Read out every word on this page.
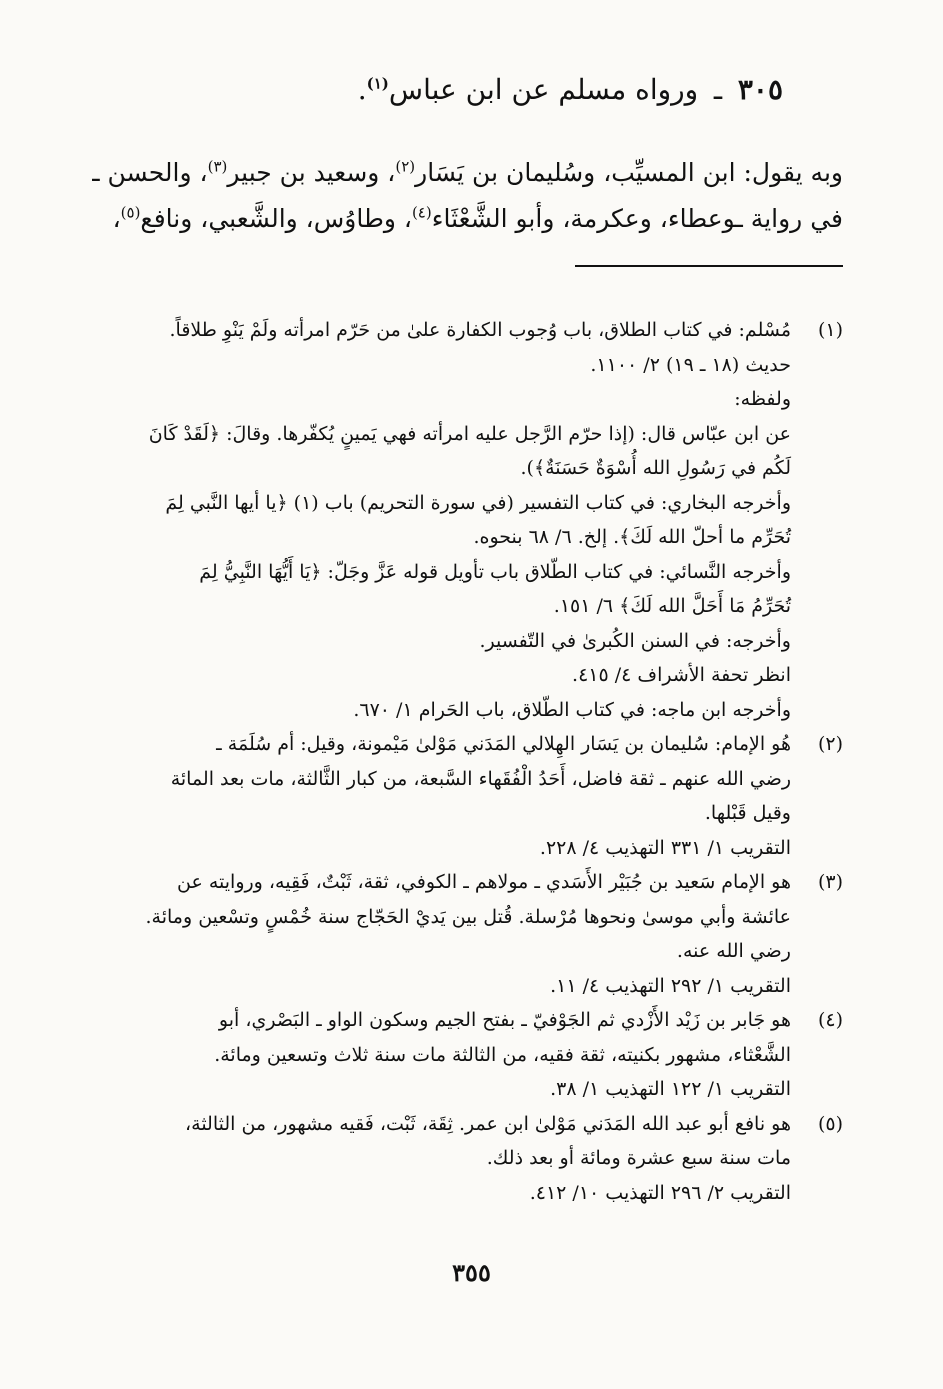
٣٠٥ ـ ورواه مسلم عن ابن عباس$^{(١)}$.
وبه يقول: ابن المسيِّب، وسُليمان بن يَسَار$^{(٢)}$، وسعيد بن جبير$^{(٣)}$، والحسن ـ
في رواية ـوعطاء، وعكرمة، وأبو الشَّعْثَاء$^{(٤)}$، وطاوُس، والشَّعبي، ونافع$^{(٥)}$،
(١)
مُسْلم: في كتاب الطلاق، باب وُجوب الكفارة علىٰ من حَرّم امرأته ولَمْ يَنْوِ طلاقاً.
حديث (١٨ ـ ١٩) ٢/ ١١٠٠.
ولفظه:
عن ابن عبّاس قال: (إذا حرّم الرَّجل عليه امرأته فهي يَمينٍ يُكفّرها. وقالَ: ﴿لَقَدْ كَانَ
لَكُم في رَسُولِ الله أُسْوَةٌ حَسَنَةٌ﴾).
وأخرجه البخاري: في كتاب التفسير (في سورة التحريم) باب (١) ﴿يا أيها النَّبي لِمَ
تُحَرِّم ما أحلّ الله لَكَ﴾. إلخ. ٦/ ٦٨ بنحوه.
وأخرجه النَّسائي: في كتاب الطّلاق باب تأويل قوله عَزَّ وجَلّ: ﴿يَا أَيُّهَا النَّبِيُّ لِمَ
تُحَرِّمُ مَا أَحَلَّ الله لَكَ﴾ ٦/ ١٥١.
وأخرجه: في السنن الكُبرىٰ في التّفسير.
انظر تحفة الأشراف ٤/ ٤١٥.
وأخرجه ابن ماجه: في كتاب الطّلاق، باب الحَرام ١/ ٦٧٠.
(٢)
هُو الإمام: سُليمان بن يَسَار الهِلالي المَدَني مَوْلىٰ مَيْمونة، وقيل: أم سُلَمَة ـ
رضي الله عنهم ـ ثقة فاضل، أَحَدُ الْفُقَهاء السَّبعة، من كبار الثَّالثة، مات بعد المائة
وقيل قَبْلها.
التقريب ١/ ٣٣١ التهذيب ٤/ ٢٢٨.
(٣)
هو الإمام سَعيد بن جُبَيْر الأَسَدي ـ مولاهم ـ الكوفي، ثقة، ثَبْتٌ، فَقِيه، وروايته عن
عائشة وأبي موسىٰ ونحوها مُرْسلة. قُتل بين يَديْ الحَجّاج سنة خُمْسٍ وتسْعين ومائة.
رضي الله عنه.
التقريب ١/ ٢٩٢ التهذيب ٤/ ١١.
(٤)
هو جَابر بن زَيْد الأَزْدي ثم الجَوْفيّ ـ بفتح الجيم وسكون الواو ـ البَصْري، أبو
الشَّعْثاء، مشهور بكنيته، ثقة فقيه، من الثالثة مات سنة ثلاث وتسعين ومائة.
التقريب ١/ ١٢٢ التهذيب ١/ ٣٨.
(٥)
هو نافع أبو عبد الله المَدَني مَوْلىٰ ابن عمر. ثِقَة، ثَبْت، فَقيه مشهور، من الثالثة،
مات سنة سبع عشرة ومائة أو بعد ذلك.
التقريب ٢/ ٢٩٦ التهذيب ١٠/ ٤١٢.
٣٥٥
